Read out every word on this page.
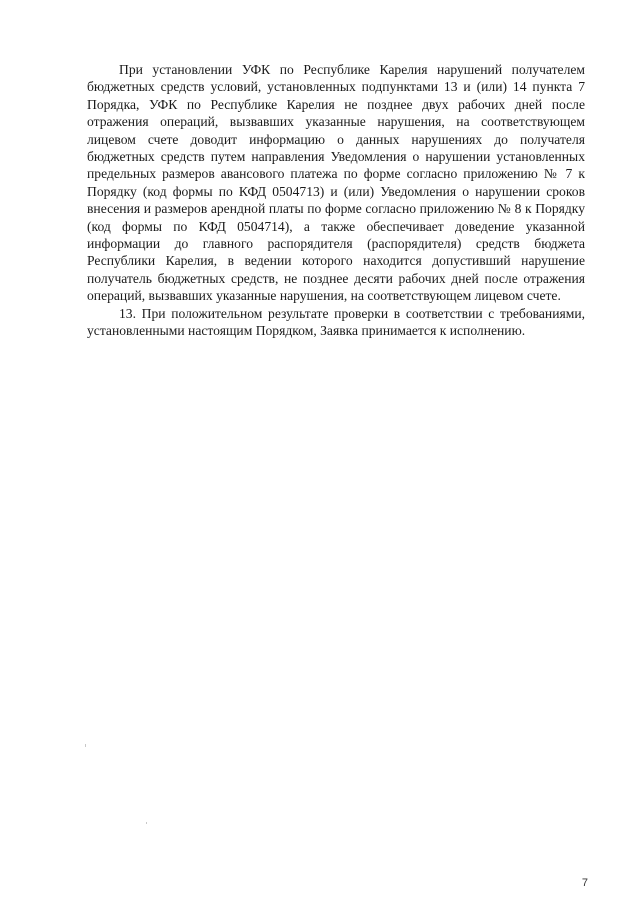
При установлении УФК по Республике Карелия нарушений получателем бюджетных средств условий, установленных подпунктами 13 и (или) 14 пункта 7 Порядка, УФК по Республике Карелия не позднее двух рабочих дней после отражения операций, вызвавших указанные нарушения, на соответствующем лицевом счете доводит информацию о данных нарушениях до получателя бюджетных средств путем направления Уведомления о нарушении установленных предельных размеров авансового платежа по форме согласно приложению № 7 к Порядку (код формы по КФД 0504713) и (или) Уведомления о нарушении сроков внесения и размеров арендной платы по форме согласно приложению № 8 к Порядку (код формы по КФД 0504714), а также обеспечивает доведение указанной информации до главного распорядителя (распорядителя) средств бюджета Республики Карелия, в ведении которого находится допустивший нарушение получатель бюджетных средств, не позднее десяти рабочих дней после отражения операций, вызвавших указанные нарушения, на соответствующем лицевом счете.

13. При положительном результате проверки в соответствии с требованиями, установленными настоящим Порядком, Заявка принимается к исполнению.

7
